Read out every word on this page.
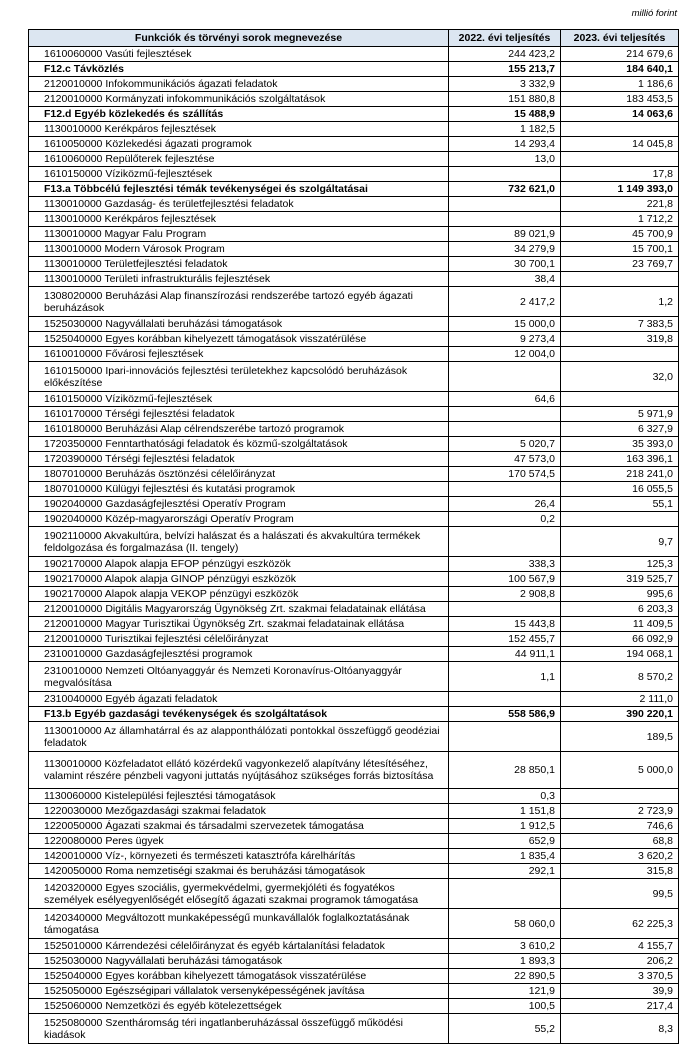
millió forint
Funkciók és törvényi sorok megnevezése	2022. évi teljesítés	2023. évi teljesítés
1610060000 Vasúti fejlesztések	244 423,2	214 679,6
F12.c Távközlés	155 213,7	184 640,1
2120010000 Infokommunikációs ágazati feladatok	3 332,9	1 186,6
2120010000 Kormányzati infokommunikációs szolgáltatások	151 880,8	183 453,5
F12.d Egyéb közlekedés és szállítás	15 488,9	14 063,6
1130010000 Kerékpáros fejlesztések	1 182,5	
1610050000 Közlekedési ágazati programok	14 293,4	14 045,8
1610060000 Repülőterek fejlesztése	13,0	
1610150000 Víziközmű-fejlesztések		17,8
F13.a Többcélú fejlesztési témák tevékenységei és szolgáltatásai	732 621,0	1 149 393,0
1130010000 Gazdaság- és területfejlesztési feladatok		221,8
1130010000 Kerékpáros fejlesztések		1 712,2
1130010000 Magyar Falu Program	89 021,9	45 700,9
1130010000 Modern Városok Program	34 279,9	15 700,1
1130010000 Területfejlesztési feladatok	30 700,1	23 769,7
1130010000 Területi infrastrukturális fejlesztések	38,4	
1308020000 Beruházási Alap finanszírozási rendszerébe tartozó egyéb ágazati beruházások	2 417,2	1,2
1525030000 Nagyvállalati beruházási támogatások	15 000,0	7 383,5
1525040000 Egyes korábban kihelyezett támogatások visszatérülése	9 273,4	319,8
1610010000 Fővárosi fejlesztések	12 004,0	
1610150000 Ipari-innovációs fejlesztési területekhez kapcsolódó beruházások előkészítése		32,0
1610150000 Víziközmű-fejlesztések	64,6	
1610170000 Térségi fejlesztési feladatok		5 971,9
1610180000 Beruházási Alap célrendszerébe tartozó programok		6 327,9
1720350000 Fenntarthatósági feladatok és közmű-szolgáltatások	5 020,7	35 393,0
1720390000 Térségi fejlesztési feladatok	47 573,0	163 396,1
1807010000 Beruházás ösztönzési célelőirányzat	170 574,5	218 241,0
1807010000 Külügyi fejlesztési és kutatási programok		16 055,5
1902040000 Gazdaságfejlesztési Operatív Program	26,4	55,1
1902040000 Közép-magyarországi Operatív Program	0,2	
1902110000 Akvakultúra, belvízi halászat és a halászati és akvakultúra termékek feldolgozása és forgalmazása (II. tengely)		9,7
1902170000 Alapok alapja EFOP pénzügyi eszközök	338,3	125,3
1902170000 Alapok alapja GINOP pénzügyi eszközök	100 567,9	319 525,7
1902170000 Alapok alapja VEKOP pénzügyi eszközök	2 908,8	995,6
2120010000 Digitális Magyarország Ügynökség Zrt. szakmai feladatainak ellátása		6 203,3
2120010000 Magyar Turisztikai Ügynökség Zrt. szakmai feladatainak ellátása	15 443,8	11 409,5
2120010000 Turisztikai fejlesztési célelőirányzat	152 455,7	66 092,9
2310010000 Gazdaságfejlesztési programok	44 911,1	194 068,1
2310010000 Nemzeti Oltóanyaggyár és Nemzeti Koronavírus-Oltóanyaggyár megvalósítása	1,1	8 570,2
2310040000 Egyéb ágazati feladatok		2 111,0
F13.b Egyéb gazdasági tevékenységek és szolgáltatások	558 586,9	390 220,1
1130010000 Az államhatárral és az alapponthálózati pontokkal összefüggő geodéziai feladatok		189,5
1130010000 Közfeladatot ellátó közérdekű vagyonkezelő alapítvány létesítéséhez, valamint részére pénzbeli vagyoni juttatás nyújtásához szükséges forrás biztosítása	28 850,1	5 000,0
1130060000 Kistelepülési fejlesztési támogatások	0,3	
1220030000 Mezőgazdasági szakmai feladatok	1 151,8	2 723,9
1220050000 Ágazati szakmai és társadalmi szervezetek támogatása	1 912,5	746,6
1220080000 Peres ügyek	652,9	68,8
1420010000 Víz-, környezeti és természeti katasztrófa kárelhárítás	1 835,4	3 620,2
1420050000 Roma nemzetiségi szakmai és beruházási támogatások	292,1	315,8
1420320000 Egyes szociális, gyermekvédelmi, gyermekjóléti és fogyatékos személyek esélyegyenlőségét elősegítő ágazati szakmai programok támogatása		99,5
1420340000 Megváltozott munkaképességű munkavállalók foglalkoztatásának támogatása	58 060,0	62 225,3
1525010000 Kárrendezési célelőirányzat és egyéb kártalanítási feladatok	3 610,2	4 155,7
1525030000 Nagyvállalati beruházási támogatások	1 893,3	206,2
1525040000 Egyes korábban kihelyezett támogatások visszatérülése	22 890,5	3 370,5
1525050000 Egészségipari vállalatok versenyképességének javítása	121,9	39,9
1525060000 Nemzetközi és egyéb kötelezettségek	100,5	217,4
1525080000 Szentháromság téri ingatlanberuházással összefüggő működési kiadások	55,2	8,3
